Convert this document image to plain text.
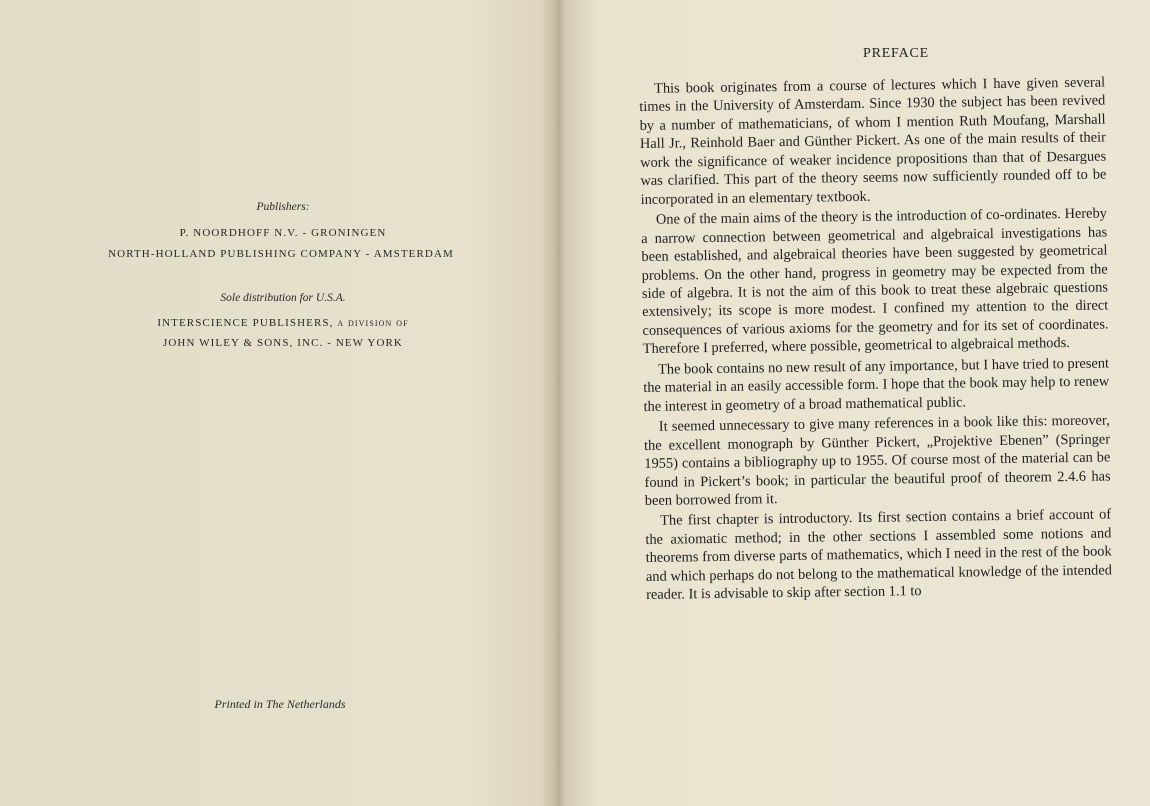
Publishers:
P. NOORDHOFF N.V. - GRONINGEN
NORTH-HOLLAND PUBLISHING COMPANY - AMSTERDAM
Sole distribution for U.S.A.
INTERSCIENCE PUBLISHERS, a division of
JOHN WILEY & SONS, INC. - NEW YORK
Printed in The Netherlands
PREFACE

This book originates from a course of lectures which I have given several times in the University of Amsterdam. Since 1930 the subject has been revived by a number of mathematicians, of whom I mention Ruth Moufang, Marshall Hall Jr., Reinhold Baer and Günther Pickert. As one of the main results of their work the significance of weaker incidence propositions than that of Desargues was clarified. This part of the theory seems now sufficiently rounded off to be incorporated in an elementary textbook.

One of the main aims of the theory is the introduction of co-ordinates. Hereby a narrow connection between geometrical and algebraical investigations has been established, and algebraical theories have been suggested by geometrical problems. On the other hand, progress in geometry may be expected from the side of algebra. It is not the aim of this book to treat these algebraic questions extensively; its scope is more modest. I confined my attention to the direct consequences of various axioms for the geometry and for its set of coordinates. Therefore I preferred, where possible, geometrical to algebraical methods.

The book contains no new result of any importance, but I have tried to present the material in an easily accessible form. I hope that the book may help to renew the interest in geometry of a broad mathematical public.

It seemed unnecessary to give many references in a book like this: moreover, the excellent monograph by Günther Pickert, „Projektive Ebenen” (Springer 1955) contains a bibliography up to 1955. Of course most of the material can be found in Pickert’s book; in particular the beautiful proof of theorem 2.4.6 has been borrowed from it.

The first chapter is introductory. Its first section contains a brief account of the axiomatic method; in the other sections I assembled some notions and theorems from diverse parts of mathematics, which I need in the rest of the book and which perhaps do not belong to the mathematical knowledge of the intended reader. It is advisable to skip after section 1.1 to
